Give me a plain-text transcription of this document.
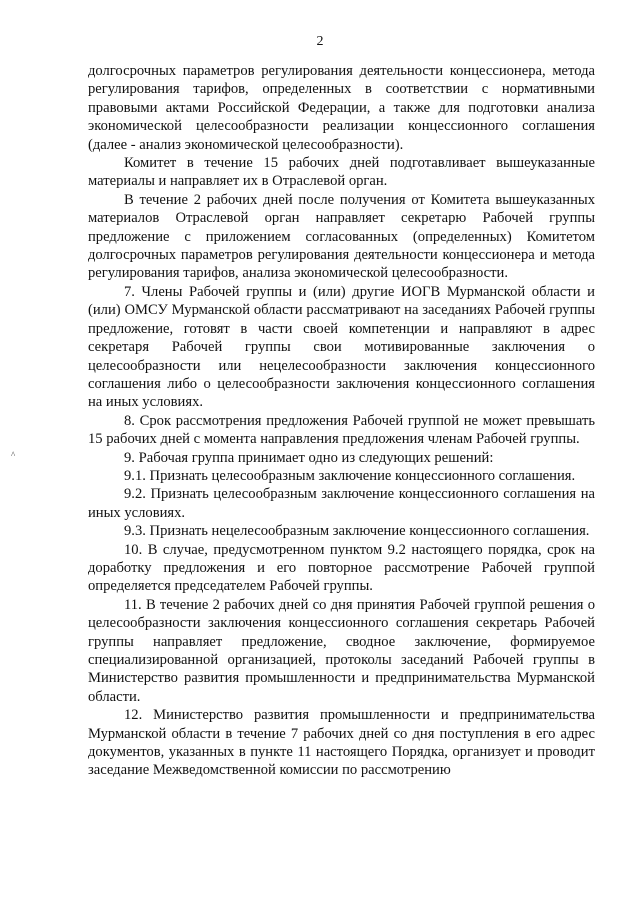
2
^

долгосрочных параметров регулирования деятельности концессионера, метода регулирования тарифов, определенных в соответствии с нормативными правовыми актами Российской Федерации, а также для подготовки анализа экономической целесообразности реализации концессионного соглашения (далее - анализ экономической целесообразности).

Комитет в течение 15 рабочих дней подготавливает вышеуказанные материалы и направляет их в Отраслевой орган.

В течение 2 рабочих дней после получения от Комитета вышеуказанных материалов Отраслевой орган направляет секретарю Рабочей группы предложение с приложением согласованных (определенных) Комитетом долгосрочных параметров регулирования деятельности концессионера и метода регулирования тарифов, анализа экономической целесообразности.

7. Члены Рабочей группы и (или) другие ИОГВ Мурманской области и (или) ОМСУ Мурманской области рассматривают на заседаниях Рабочей группы предложение, готовят в части своей компетенции и направляют в адрес секретаря Рабочей группы свои мотивированные заключения о целесообразности или нецелесообразности заключения концессионного соглашения либо о целесообразности заключения концессионного соглашения на иных условиях.

8. Срок рассмотрения предложения Рабочей группой не может превышать 15 рабочих дней с момента направления предложения членам Рабочей группы.

9. Рабочая группа принимает одно из следующих решений:

9.1. Признать целесообразным заключение концессионного соглашения.

9.2. Признать целесообразным заключение концессионного соглашения на иных условиях.

9.3. Признать нецелесообразным заключение концессионного соглашения.

10. В случае, предусмотренном пунктом 9.2 настоящего порядка, срок на доработку предложения и его повторное рассмотрение Рабочей группой определяется председателем Рабочей группы.

11. В течение 2 рабочих дней со дня принятия Рабочей группой решения о целесообразности заключения концессионного соглашения секретарь Рабочей группы направляет предложение, сводное заключение, формируемое специализированной организацией, протоколы заседаний Рабочей группы в Министерство развития промышленности и предпринимательства Мурманской области.

12. Министерство развития промышленности и предпринимательства Мурманской области в течение 7 рабочих дней со дня поступления в его адрес документов, указанных в пункте 11 настоящего Порядка, организует и проводит заседание Межведомственной комиссии по рассмотрению
